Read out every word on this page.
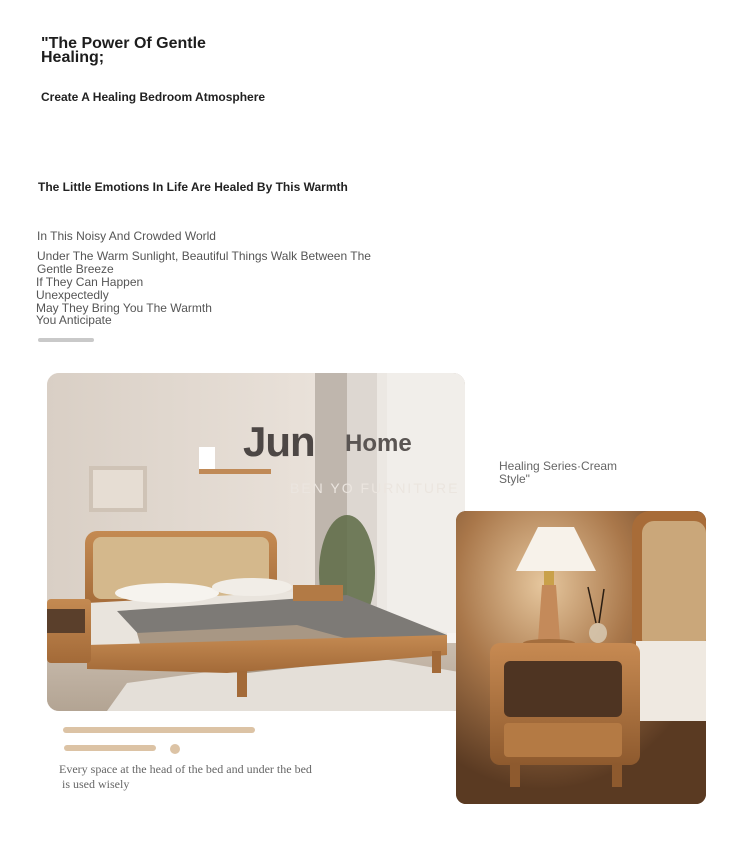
"The Power Of Gentle Healing;
Create A Healing Bedroom Atmosphere
The Little Emotions In Life Are Healed By This Warmth
In This Noisy And Crowded World
Under The Warm Sunlight, Beautiful Things Walk Between The Gentle Breeze
If They Can Happen
Unexpectedly
May They Bring You The Warmth
You Anticipate
Jun Home
BEN YO FURNITURE
Healing Series·Cream Style"
Every space at the head of the bed and under the bed
is used wisely
